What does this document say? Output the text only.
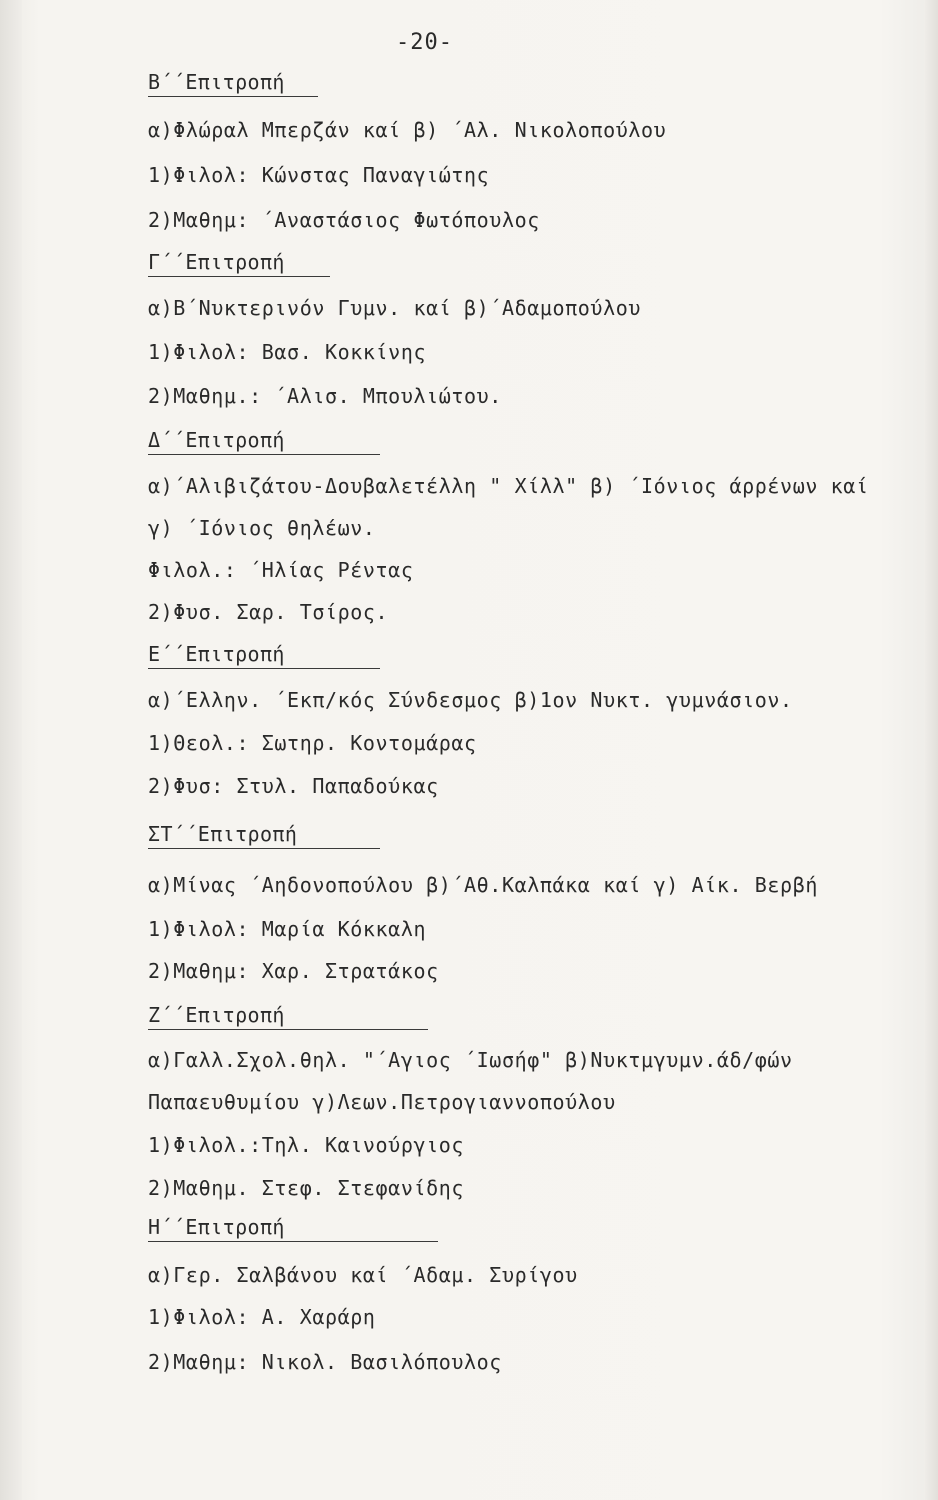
-20-
Β΄΄Επιτροπή
α)Φλώραλ Μπερζάν καί β) ΄Αλ. Νικολοπούλου
1)Φιλολ: Κώνστας Παναγιώτης
2)Μαθημ: ΄Αναστάσιος Φωτόπουλος
Γ΄΄Επιτροπή
α)Β΄Νυκτερινόν Γυμν. καί β)΄Αδαμοπούλου
1)Φιλολ: Βασ. Κοκκίνης
2)Μαθημ.: ΄Αλισ. Μπουλιώτου.
Δ΄΄Επιτροπή
α)΄Αλιβιζάτου-Δουβαλετέλλη " Χίλλ" β) ΄Ιόνιος άρρένων καί
γ) ΄Ιόνιος θηλέων.
Φιλολ.: ΄Ηλίας Ρέντας
2)Φυσ. Σαρ. Τσίρος.
Ε΄΄Επιτροπή
α)΄Ελλην. ΄Εκπ/κός Σύνδεσμος β)1ον Νυκτ. γυμνάσιον.
1)Θεολ.: Σωτηρ. Κοντομάρας
2)Φυσ: Στυλ. Παπαδούκας
ΣΤ΄΄Επιτροπή
α)Μίνας ΄Αηδονοπούλου β)΄Αθ.Καλπάκα καί γ) Αίκ. Βερβή
1)Φιλολ: Μαρία Κόκκαλη
2)Μαθημ: Χαρ. Στρατάκος
Ζ΄΄Επιτροπή
α)Γαλλ.Σχολ.θηλ. "΄Αγιος ΄Ιωσήφ" β)Νυκτμγυμν.άδ/φών
Παπαευθυμίου γ)Λεων.Πετρογιαννοπούλου
1)Φιλολ.:Τηλ. Καινούργιος
2)Μαθημ. Στεφ. Στεφανίδης
Η΄΄Επιτροπή
α)Γερ. Σαλβάνου καί ΄Αδαμ. Συρίγου
1)Φιλολ: Α. Χαράρη
2)Μαθημ: Νικολ. Βασιλόπουλος
